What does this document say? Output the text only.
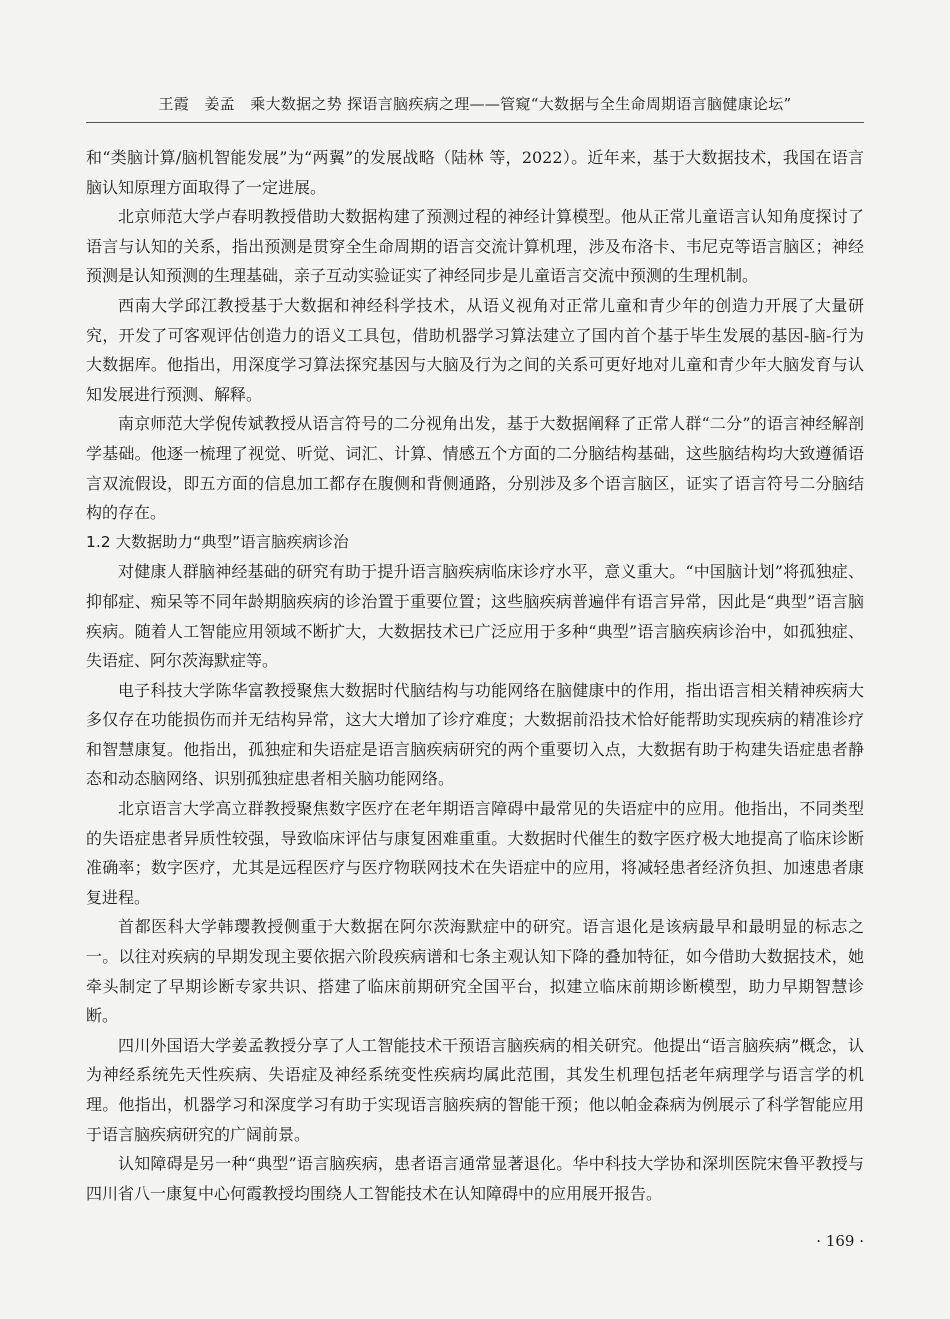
王霞　姜孟　乘大数据之势 探语言脑疾病之理——管窥“大数据与全生命周期语言脑健康论坛”

和“类脑计算/脑机智能发展”为“两翼”的发展战略（陆林 等，2022）。近年来，基于大数据技术，我国在语言脑认知原理方面取得了一定进展。

北京师范大学卢春明教授借助大数据构建了预测过程的神经计算模型。他从正常儿童语言认知角度探讨了语言与认知的关系，指出预测是贯穿全生命周期的语言交流计算机理，涉及布洛卡、韦尼克等语言脑区；神经预测是认知预测的生理基础，亲子互动实验证实了神经同步是儿童语言交流中预测的生理机制。

西南大学邱江教授基于大数据和神经科学技术，从语义视角对正常儿童和青少年的创造力开展了大量研究，开发了可客观评估创造力的语义工具包，借助机器学习算法建立了国内首个基于毕生发展的基因-脑-行为大数据库。他指出，用深度学习算法探究基因与大脑及行为之间的关系可更好地对儿童和青少年大脑发育与认知发展进行预测、解释。

南京师范大学倪传斌教授从语言符号的二分视角出发，基于大数据阐释了正常人群“二分”的语言神经解剖学基础。他逐一梳理了视觉、听觉、词汇、计算、情感五个方面的二分脑结构基础，这些脑结构均大致遵循语言双流假设，即五方面的信息加工都存在腹侧和背侧通路，分别涉及多个语言脑区，证实了语言符号二分脑结构的存在。

1.2 大数据助力“典型”语言脑疾病诊治

对健康人群脑神经基础的研究有助于提升语言脑疾病临床诊疗水平，意义重大。“中国脑计划”将孤独症、抑郁症、痴呆等不同年龄期脑疾病的诊治置于重要位置；这些脑疾病普遍伴有语言异常，因此是“典型”语言脑疾病。随着人工智能应用领域不断扩大，大数据技术已广泛应用于多种“典型”语言脑疾病诊治中，如孤独症、失语症、阿尔茨海默症等。

电子科技大学陈华富教授聚焦大数据时代脑结构与功能网络在脑健康中的作用，指出语言相关精神疾病大多仅存在功能损伤而并无结构异常，这大大增加了诊疗难度；大数据前沿技术恰好能帮助实现疾病的精准诊疗和智慧康复。他指出，孤独症和失语症是语言脑疾病研究的两个重要切入点，大数据有助于构建失语症患者静态和动态脑网络、识别孤独症患者相关脑功能网络。

北京语言大学高立群教授聚焦数字医疗在老年期语言障碍中最常见的失语症中的应用。他指出，不同类型的失语症患者异质性较强，导致临床评估与康复困难重重。大数据时代催生的数字医疗极大地提高了临床诊断准确率；数字医疗，尤其是远程医疗与医疗物联网技术在失语症中的应用，将减轻患者经济负担、加速患者康复进程。

首都医科大学韩璎教授侧重于大数据在阿尔茨海默症中的研究。语言退化是该病最早和最明显的标志之一。以往对疾病的早期发现主要依据六阶段疾病谱和七条主观认知下降的叠加特征，如今借助大数据技术，她牵头制定了早期诊断专家共识、搭建了临床前期研究全国平台，拟建立临床前期诊断模型，助力早期智慧诊断。

四川外国语大学姜孟教授分享了人工智能技术干预语言脑疾病的相关研究。他提出“语言脑疾病”概念，认为神经系统先天性疾病、失语症及神经系统变性疾病均属此范围，其发生机理包括老年病理学与语言学的机理。他指出，机器学习和深度学习有助于实现语言脑疾病的智能干预；他以帕金森病为例展示了科学智能应用于语言脑疾病研究的广阔前景。

认知障碍是另一种“典型”语言脑疾病，患者语言通常显著退化。华中科技大学协和深圳医院宋鲁平教授与四川省八一康复中心何霞教授均围绕人工智能技术在认知障碍中的应用展开报告。

· 169 ·
